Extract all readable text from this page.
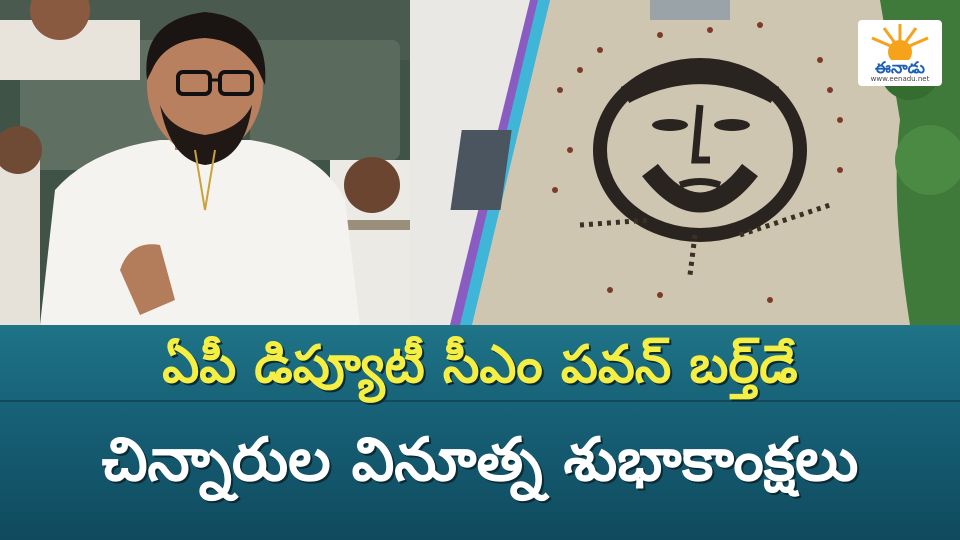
ఈనాడు
www.eenadu.net
ఏపీ డిప్యూటీ సీఎం పవన్ బర్త్‌డే
చిన్నారుల వినూత్న శుభాకాంక్షలు
